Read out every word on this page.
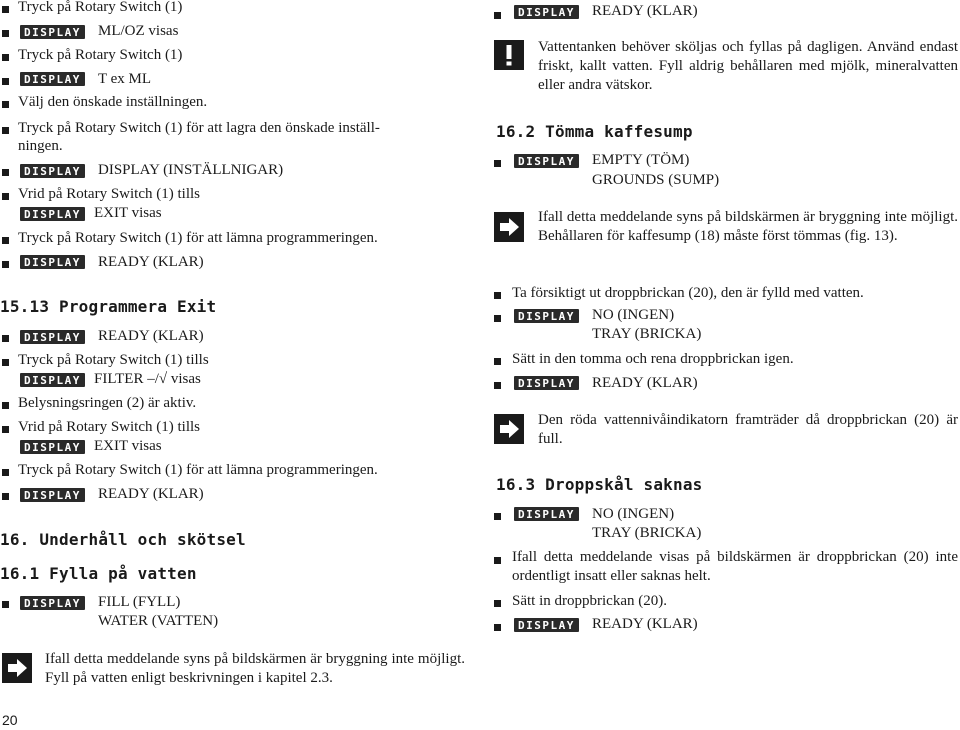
Tryck på Rotary Switch (1)
DISPLAY ML/OZ visas
Tryck på Rotary Switch (1)
DISPLAY T ex ML
Välj den önskade inställningen.
Tryck på Rotary Switch (1) för att lagra den önskade inställ-
ningen.
DISPLAY DISPLAY (INSTÄLLNIGAR)
Vrid på Rotary Switch (1) tills
DISPLAY EXIT visas
Tryck på Rotary Switch (1) för att lämna programmeringen.
DISPLAY READY (KLAR)
15.13 Programmera Exit
DISPLAY READY (KLAR)
Tryck på Rotary Switch (1) tills
DISPLAY FILTER –/√ visas
Belysningsringen (2) är aktiv.
Vrid på Rotary Switch (1) tills
DISPLAY EXIT visas
Tryck på Rotary Switch (1) för att lämna programmeringen.
DISPLAY READY (KLAR)
16. Underhåll och skötsel
16.1 Fylla på vatten
DISPLAY FILL (FYLL)
WATER (VATTEN)
Ifall detta meddelande syns på bildskärmen är bryggning inte möjligt. Fyll på vatten enligt beskrivningen i kapitel 2.3.
DISPLAY READY (KLAR)
Vattentanken behöver sköljas och fyllas på dagligen. Använd endast friskt, kallt vatten. Fyll aldrig behållaren med mjölk, mineralvatten eller andra vätskor.
16.2 Tömma kaffesump
DISPLAY EMPTY (TÖM)
GROUNDS (SUMP)
Ifall detta meddelande syns på bildskärmen är bryggning inte möjligt. Behållaren för kaffesump (18) måste först tömmas (fig. 13).
Ta försiktigt ut droppbrickan (20), den är fylld med vatten.
DISPLAY NO (INGEN)
TRAY (BRICKA)
Sätt in den tomma och rena droppbrickan igen.
DISPLAY READY (KLAR)
Den röda vattennivåindikatorn framträder då droppbrickan (20) är full.
16.3 Droppskål saknas
DISPLAY NO (INGEN)
TRAY (BRICKA)
Ifall detta meddelande visas på bildskärmen är droppbrickan (20) inte ordentligt insatt eller saknas helt.
Sätt in droppbrickan (20).
DISPLAY READY (KLAR)
20
